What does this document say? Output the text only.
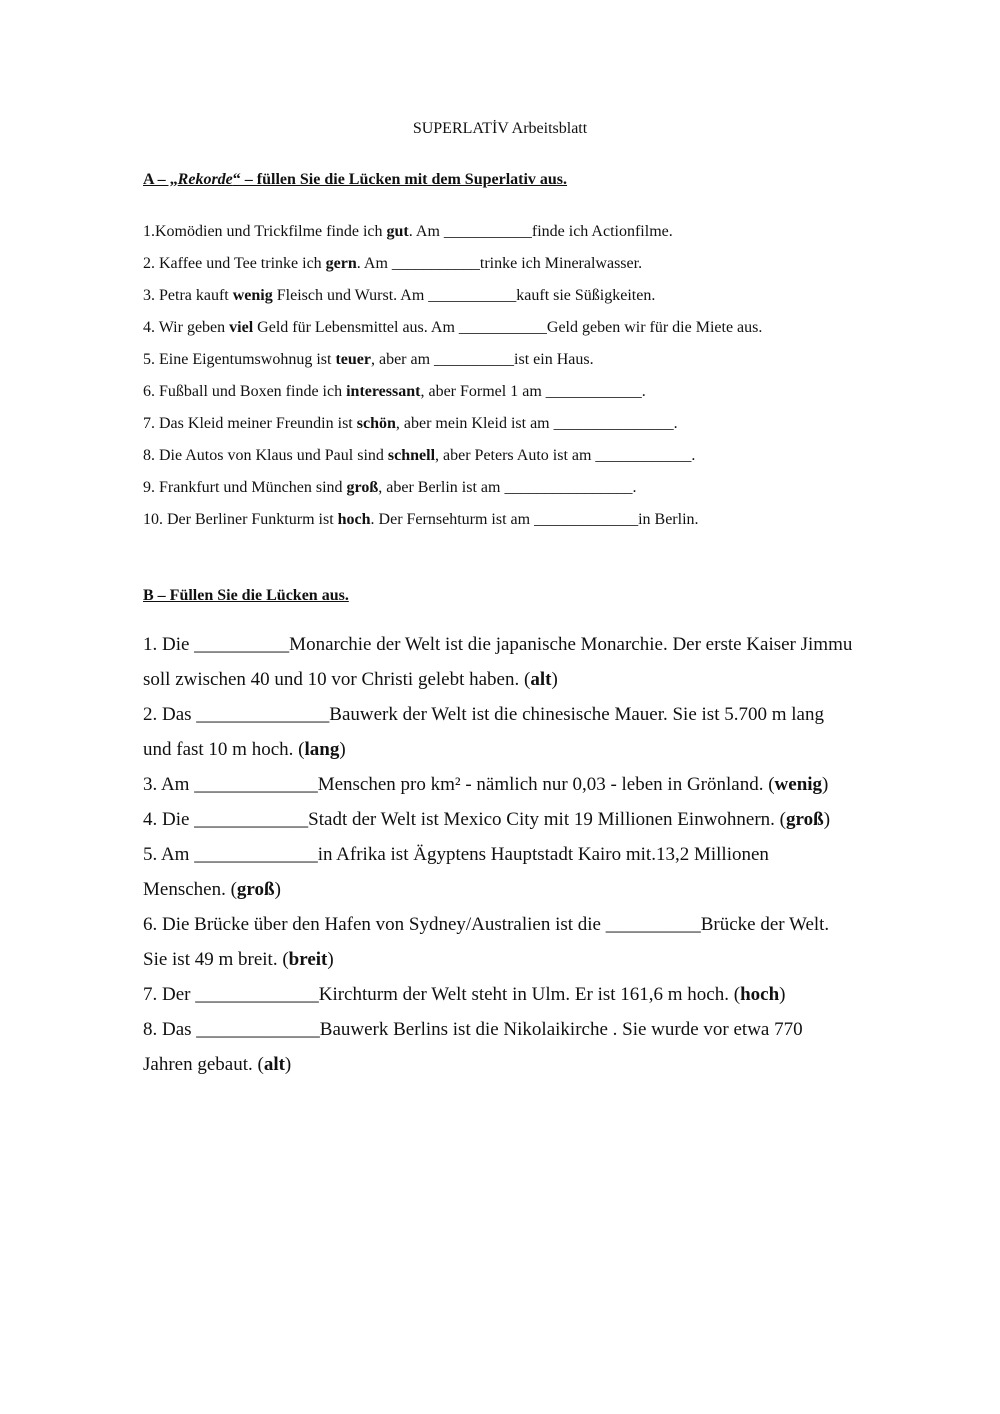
SUPERLATİV Arbeitsblatt
A – „Rekorde“ – füllen Sie die Lücken mit dem Superlativ aus.

1.Komödien und Trickfilme finde ich gut. Am ___________finde ich Actionfilme.

2. Kaffee und Tee trinke ich gern. Am ___________trinke ich Mineralwasser.

3. Petra kauft wenig Fleisch und Wurst. Am ___________kauft sie Süßigkeiten.

4. Wir geben viel Geld für Lebensmittel aus. Am ___________Geld geben wir für die Miete aus.

5. Eine Eigentumswohnug ist teuer, aber am __________ist ein Haus.

6. Fußball und Boxen finde ich interessant, aber Formel 1 am ____________.

7. Das Kleid meiner Freundin ist schön, aber mein Kleid ist am _______________.

8. Die Autos von Klaus und Paul sind schnell, aber Peters Auto ist am ____________.

9. Frankfurt und München sind groß, aber Berlin ist am ________________.

10. Der Berliner Funkturm ist hoch. Der Fernsehturm ist am _____________in Berlin.

B – Füllen Sie die Lücken aus.

1. Die __________Monarchie der Welt ist die japanische Monarchie. Der erste Kaiser Jimmu soll zwischen 40 und 10 vor Christi gelebt haben. (alt)

2. Das ______________Bauwerk der Welt ist die chinesische Mauer. Sie ist 5.700 m lang und fast 10 m hoch. (lang)

3. Am _____________Menschen pro km² - nämlich nur 0,03 - leben in Grönland. (wenig)

4. Die ____________Stadt der Welt ist Mexico City mit 19 Millionen Einwohnern. (groß)

5. Am _____________in Afrika ist Ägyptens Hauptstadt Kairo mit.13,2 Millionen Menschen. (groß)

6. Die Brücke über den Hafen von Sydney/Australien ist die __________Brücke der Welt. Sie ist 49 m breit. (breit)

7. Der _____________Kirchturm der Welt steht in Ulm. Er ist 161,6 m hoch. (hoch)

8. Das _____________Bauwerk Berlins ist die Nikolaikirche . Sie wurde vor etwa 770 Jahren gebaut. (alt)
